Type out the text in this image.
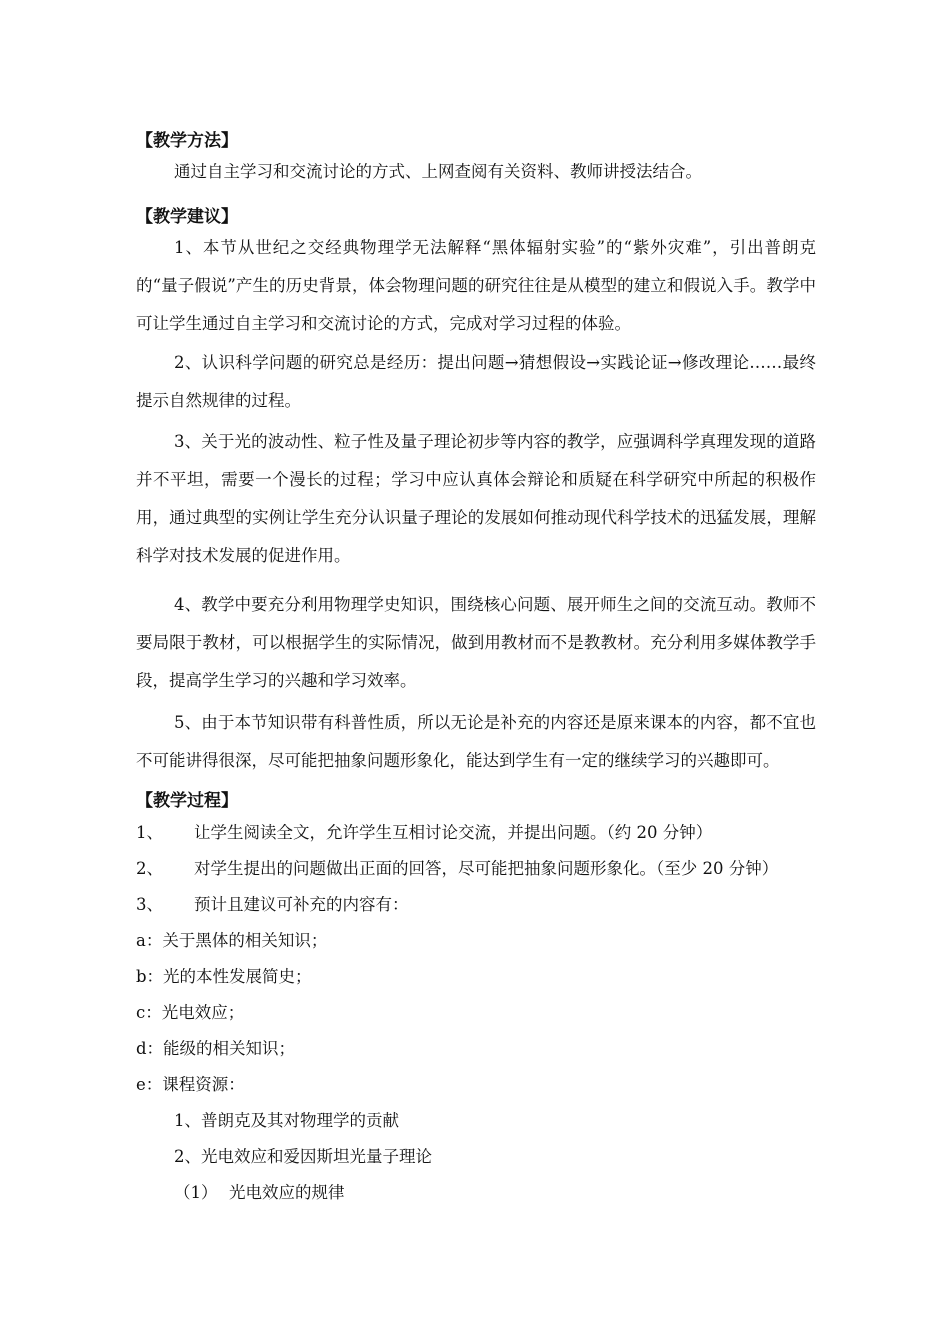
【教学方法】
通过自主学习和交流讨论的方式、上网查阅有关资料、教师讲授法结合。
【教学建议】
1、本节从世纪之交经典物理学无法解释“黑体辐射实验”的“紫外灾难”，引出普朗克的“量子假说”产生的历史背景，体会物理问题的研究往往是从模型的建立和假说入手。教学中可让学生通过自主学习和交流讨论的方式，完成对学习过程的体验。
2、认识科学问题的研究总是经历：提出问题→猜想假设→实践论证→修改理论……最终提示自然规律的过程。
3、关于光的波动性、粒子性及量子理论初步等内容的教学，应强调科学真理发现的道路并不平坦，需要一个漫长的过程；学习中应认真体会辩论和质疑在科学研究中所起的积极作用，通过典型的实例让学生充分认识量子理论的发展如何推动现代科学技术的迅猛发展，理解科学对技术发展的促进作用。
4、教学中要充分利用物理学史知识，围绕核心问题、展开师生之间的交流互动。教师不要局限于教材，可以根据学生的实际情况，做到用教材而不是教教材。充分利用多媒体教学手段，提高学生学习的兴趣和学习效率。
5、由于本节知识带有科普性质，所以无论是补充的内容还是原来课本的内容，都不宜也不可能讲得很深，尽可能把抽象问题形象化，能达到学生有一定的继续学习的兴趣即可。
【教学过程】
1、 让学生阅读全文，允许学生互相讨论交流，并提出问题。（约 20 分钟）
2、 对学生提出的问题做出正面的回答，尽可能把抽象问题形象化。（至少 20 分钟）
3、 预计且建议可补充的内容有：
a：关于黑体的相关知识；
b：光的本性发展简史；
c：光电效应；
d：能级的相关知识；
e：课程资源：
1、普朗克及其对物理学的贡献
2、光电效应和爱因斯坦光量子理论
（1） 光电效应的规律
